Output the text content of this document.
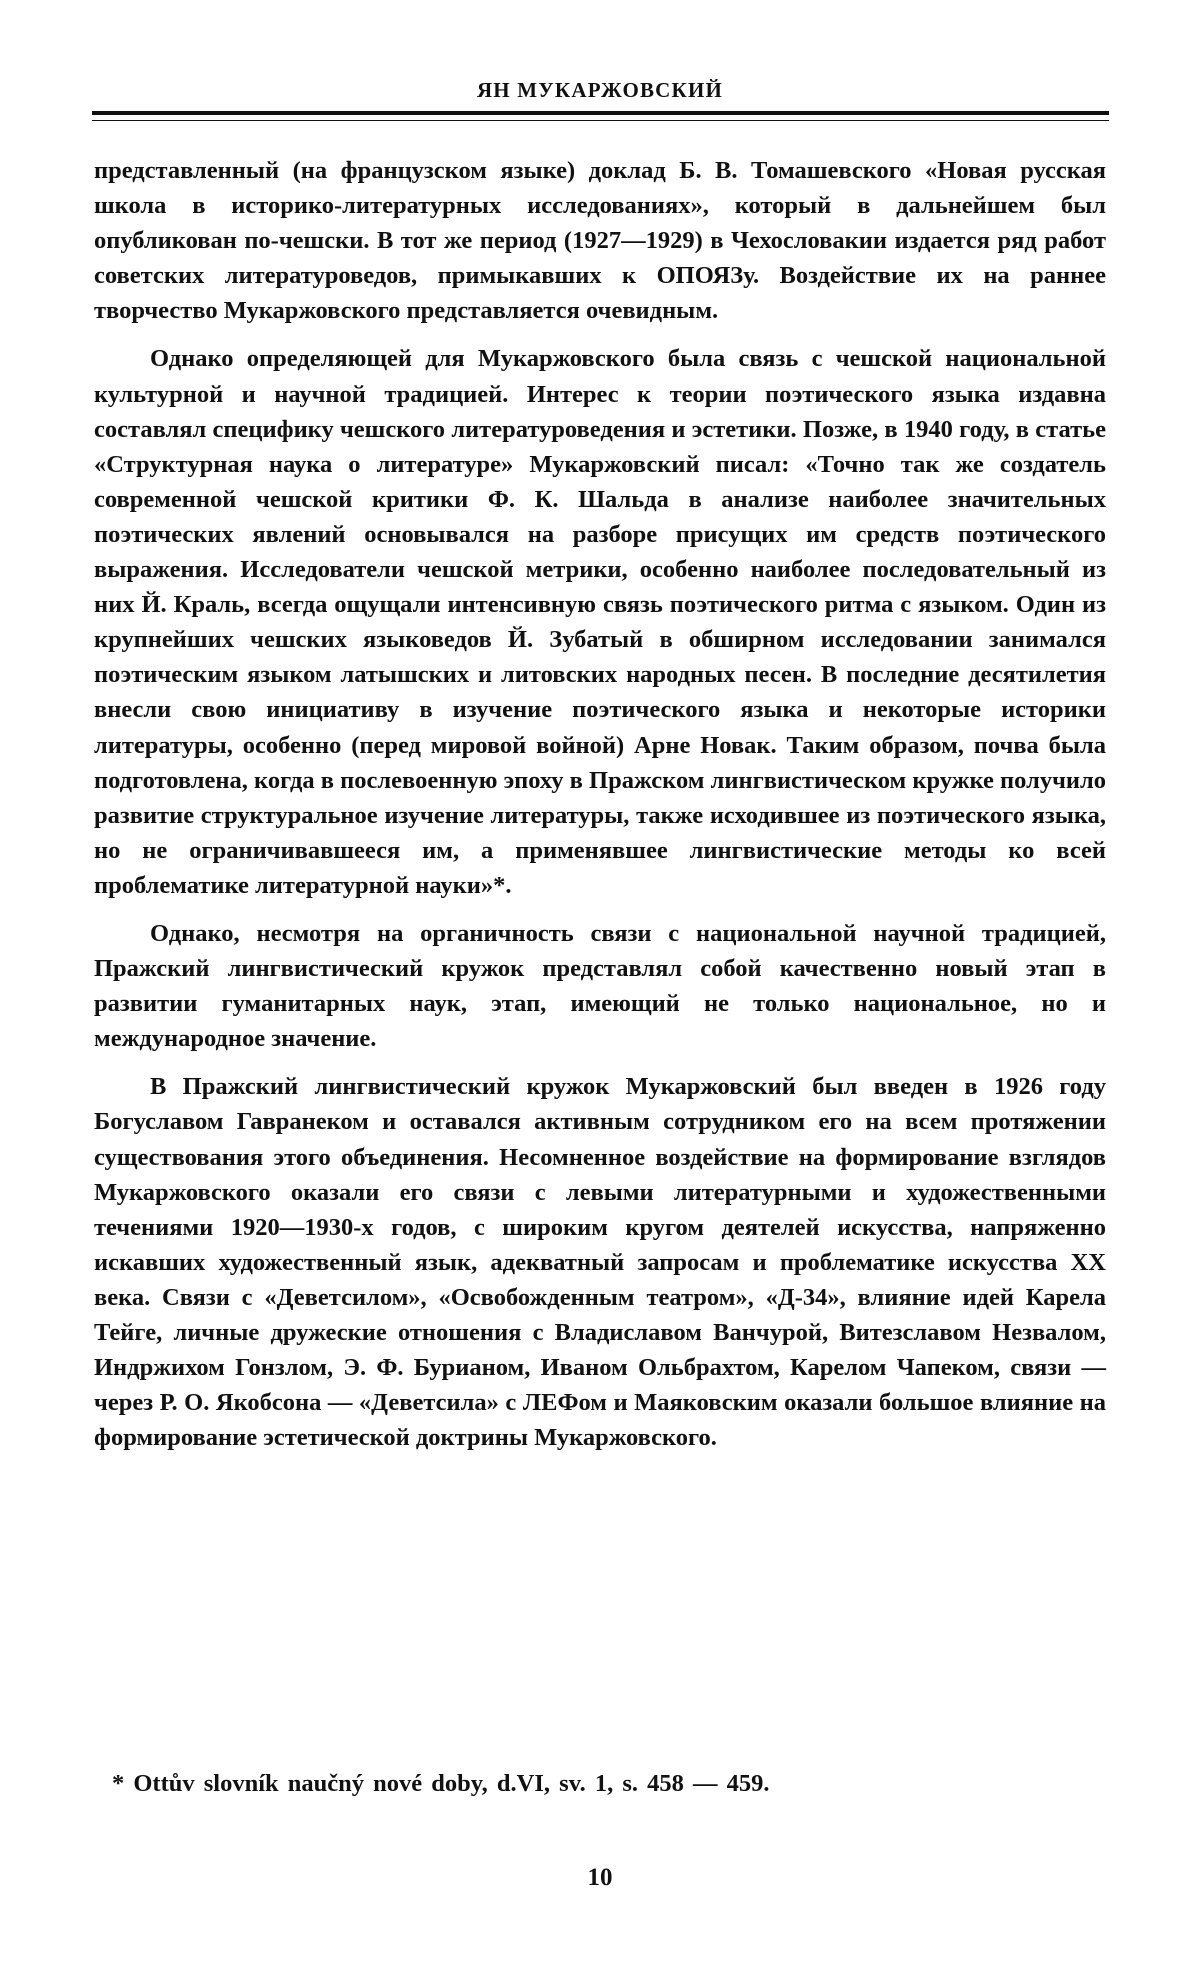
ЯН МУКАРЖОВСКИЙ

представленный (на французском языке) доклад Б. В. Томашевского «Новая русская школа в историко-литературных исследованиях», который в дальнейшем был опубликован по-чешски. В тот же период (1927—1929) в Чехословакии издается ряд работ советских литературоведов, примыкавших к ОПОЯЗу. Воздействие их на раннее творчество Мукаржовского представляется очевидным.

Однако определяющей для Мукаржовского была связь с чешской национальной культурной и научной традицией. Интерес к теории поэтического языка издавна составлял специфику чешского литературоведения и эстетики. Позже, в 1940 году, в статье «Структурная наука о литературе» Мукаржовский писал: «Точно так же создатель современной чешской критики Ф. К. Шальда в анализе наиболее значительных поэтических явлений основывался на разборе присущих им средств поэтического выражения. Исследователи чешской метрики, особенно наиболее последовательный из них Й. Краль, всегда ощущали интенсивную связь поэтического ритма с языком. Один из крупнейших чешских языковедов Й. Зубатый в обширном исследовании занимался поэтическим языком латышских и литовских народных песен. В последние десятилетия внесли свою инициативу в изучение поэтического языка и некоторые историки литературы, особенно (перед мировой войной) Арне Новак. Таким образом, почва была подготовлена, когда в послевоенную эпоху в Пражском лингвистическом кружке получило развитие структуральное изучение литературы, также исходившее из поэтического языка, но не ограничивавшееся им, а применявшее лингвистические методы ко всей проблематике литературной науки»*.

Однако, несмотря на органичность связи с национальной научной традицией, Пражский лингвистический кружок представлял собой качественно новый этап в развитии гуманитарных наук, этап, имеющий не только национальное, но и международное значение.

В Пражский лингвистический кружок Мукаржовский был введен в 1926 году Богуславом Гавранеком и оставался активным сотрудником его на всем протяжении существования этого объединения. Несомненное воздействие на формирование взглядов Мукаржовского оказали его связи с левыми литературными и художественными течениями 1920—1930-х годов, с широким кругом деятелей искусства, напряженно искавших художественный язык, адекватный запросам и проблематике искусства XX века. Связи с «Деветсилом», «Освобожденным театром», «Д-34», влияние идей Карела Тейге, личные дружеские отношения с Владиславом Ванчурой, Витезславом Незвалом, Индржихом Гонзлом, Э. Ф. Бурианом, Иваном Ольбрахтом, Карелом Чапеком, связи — через Р. О. Якобсона — «Деветсила» с ЛЕФом и Маяковским оказали большое влияние на формирование эстетической доктрины Мукаржовского.

* Ottův slovník naučný nové doby, d.VI, sv. 1, s. 458 — 459.
10
